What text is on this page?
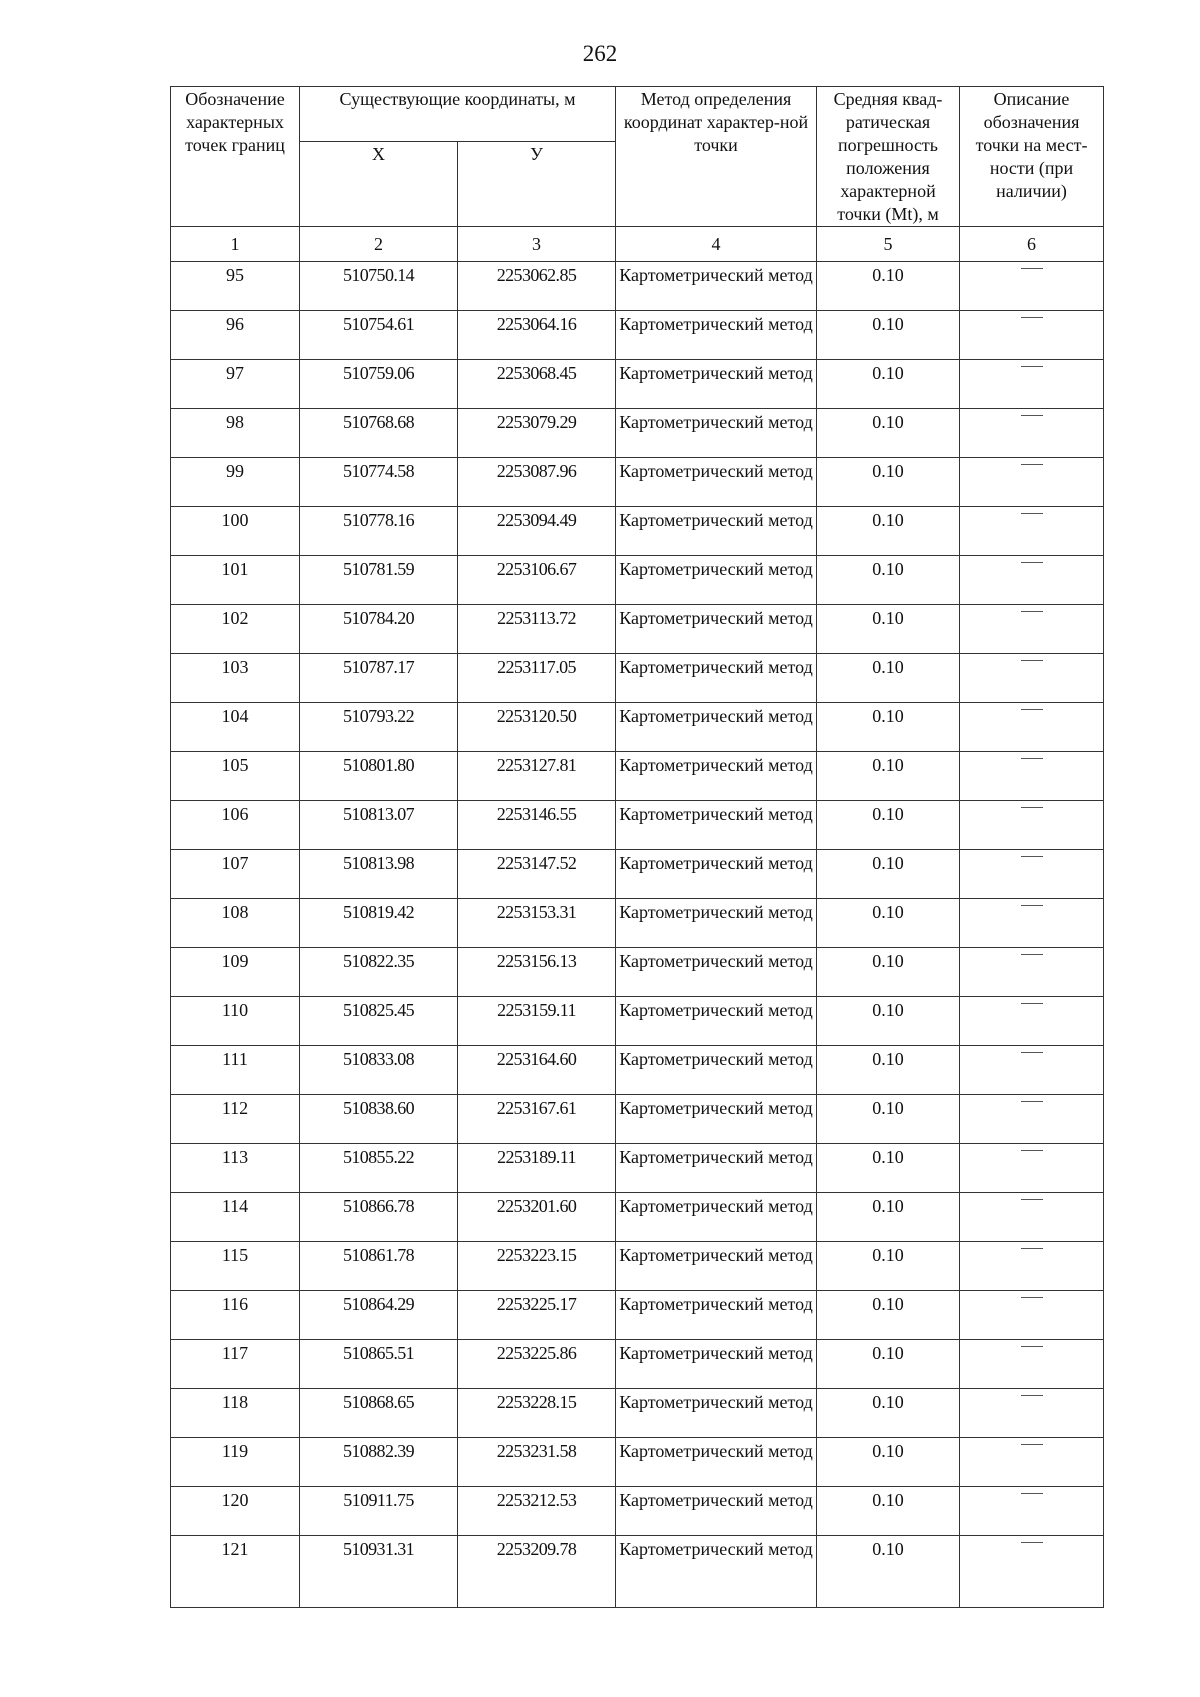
262
Обозначение характерных точек границ	Существующие координаты, м		Метод определения координат характер-ной точки	Средняя квад-ратическая погрешность положения характерной точки (Mt), м	Описание обозначения точки на мест-ности (при наличии)
	X	У			
1	2	3	4	5	6
95	510750.14	2253062.85	Картометрический метод	0.10	
96	510754.61	2253064.16	Картометрический метод	0.10	
97	510759.06	2253068.45	Картометрический метод	0.10	
98	510768.68	2253079.29	Картометрический метод	0.10	
99	510774.58	2253087.96	Картометрический метод	0.10	
100	510778.16	2253094.49	Картометрический метод	0.10	
101	510781.59	2253106.67	Картометрический метод	0.10	
102	510784.20	2253113.72	Картометрический метод	0.10	
103	510787.17	2253117.05	Картометрический метод	0.10	
104	510793.22	2253120.50	Картометрический метод	0.10	
105	510801.80	2253127.81	Картометрический метод	0.10	
106	510813.07	2253146.55	Картометрический метод	0.10	
107	510813.98	2253147.52	Картометрический метод	0.10	
108	510819.42	2253153.31	Картометрический метод	0.10	
109	510822.35	2253156.13	Картометрический метод	0.10	
110	510825.45	2253159.11	Картометрический метод	0.10	
111	510833.08	2253164.60	Картометрический метод	0.10	
112	510838.60	2253167.61	Картометрический метод	0.10	
113	510855.22	2253189.11	Картометрический метод	0.10	
114	510866.78	2253201.60	Картометрический метод	0.10	
115	510861.78	2253223.15	Картометрический метод	0.10	
116	510864.29	2253225.17	Картометрический метод	0.10	
117	510865.51	2253225.86	Картометрический метод	0.10	
118	510868.65	2253228.15	Картометрический метод	0.10	
119	510882.39	2253231.58	Картометрический метод	0.10	
120	510911.75	2253212.53	Картометрический метод	0.10	
121	510931.31	2253209.78	Картометрический метод	0.10	
